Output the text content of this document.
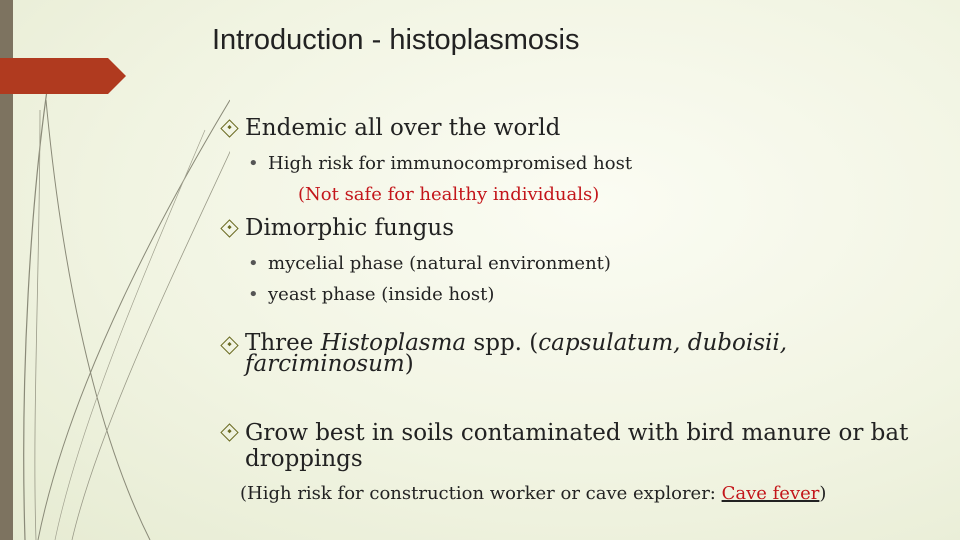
Introduction - histoplasmosis
Endemic all over the world
• High risk for immunocompromised host
(Not safe for healthy individuals)
Dimorphic fungus
• mycelial phase (natural environment)
• yeast phase (inside host)
Three Histoplasma spp. (capsulatum, duboisii, farciminosum)
Grow best in soils contaminated with bird manure or bat droppings
(High risk for construction worker or cave explorer: Cave fever)
